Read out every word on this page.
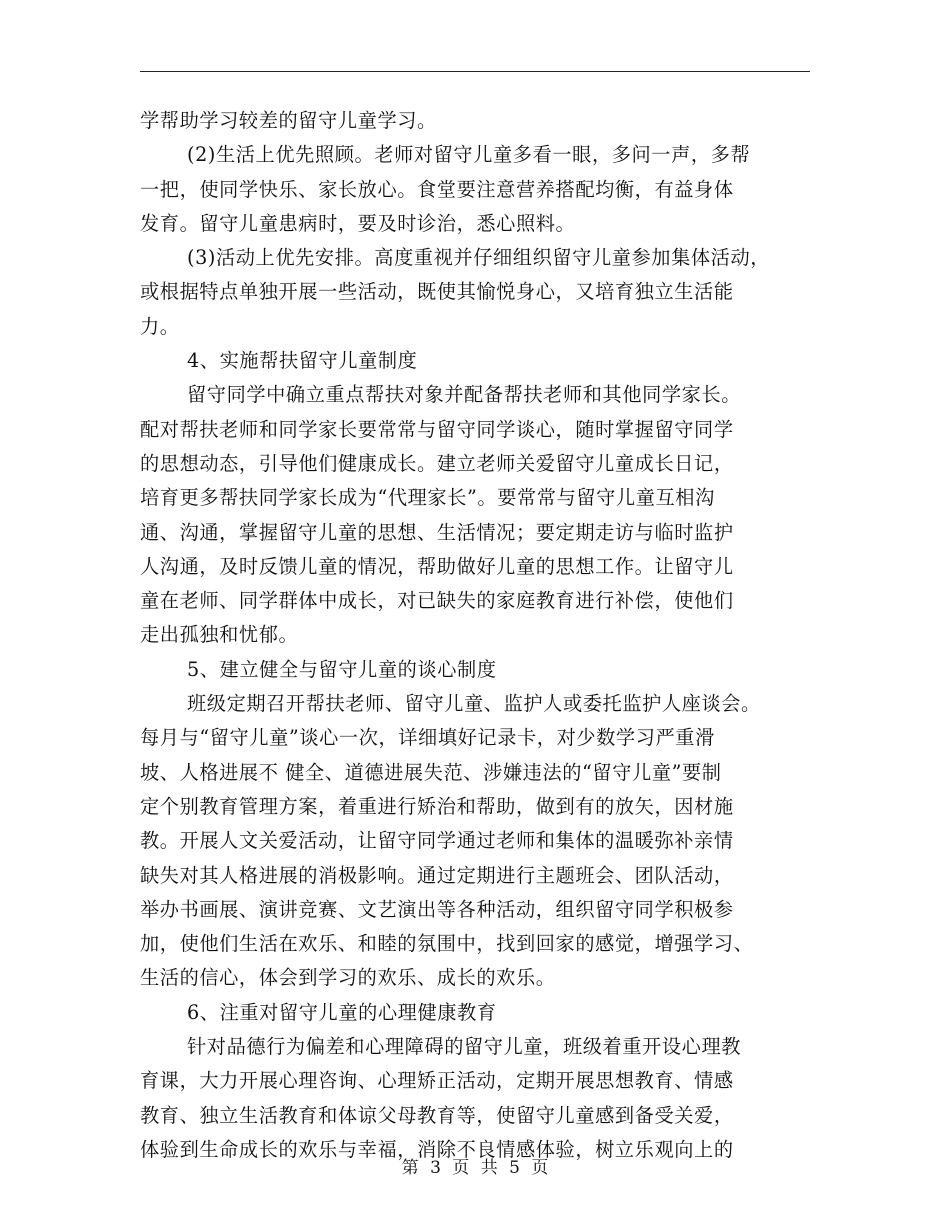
学帮助学习较差的留守儿童学习。
(2)生活上优先照顾。老师对留守儿童多看一眼，多问一声，多帮
一把，使同学快乐、家长放心。食堂要注意营养搭配均衡，有益身体
发育。留守儿童患病时，要及时诊治，悉心照料。
(3)活动上优先安排。高度重视并仔细组织留守儿童参加集体活动，
或根据特点单独开展一些活动，既使其愉悦身心，又培育独立生活能
力。
4、实施帮扶留守儿童制度
留守同学中确立重点帮扶对象并配备帮扶老师和其他同学家长。
配对帮扶老师和同学家长要常常与留守同学谈心，随时掌握留守同学
的思想动态，引导他们健康成长。建立老师关爱留守儿童成长日记，
培育更多帮扶同学家长成为“代理家长”。要常常与留守儿童互相沟
通、沟通，掌握留守儿童的思想、生活情况；要定期走访与临时监护
人沟通，及时反馈儿童的情况，帮助做好儿童的思想工作。让留守儿
童在老师、同学群体中成长，对已缺失的家庭教育进行补偿，使他们
走出孤独和忧郁。
5、建立健全与留守儿童的谈心制度
班级定期召开帮扶老师、留守儿童、监护人或委托监护人座谈会。
每月与“留守儿童”谈心一次，详细填好记录卡，对少数学习严重滑
坡、人格进展不 健全、道德进展失范、涉嫌违法的“留守儿童”要制
定个别教育管理方案，着重进行矫治和帮助，做到有的放矢，因材施
教。开展人文关爱活动，让留守同学通过老师和集体的温暖弥补亲情
缺失对其人格进展的消极影响。通过定期进行主题班会、团队活动，
举办书画展、演讲竞赛、文艺演出等各种活动，组织留守同学积极参
加，使他们生活在欢乐、和睦的氛围中，找到回家的感觉，增强学习、
生活的信心，体会到学习的欢乐、成长的欢乐。
6、注重对留守儿童的心理健康教育
针对品德行为偏差和心理障碍的留守儿童，班级着重开设心理教
育课，大力开展心理咨询、心理矫正活动，定期开展思想教育、情感
教育、独立生活教育和体谅父母教育等，使留守儿童感到备受关爱，
体验到生命成长的欢乐与幸福，消除不良情感体验，树立乐观向上的
第 3 页 共 5 页
